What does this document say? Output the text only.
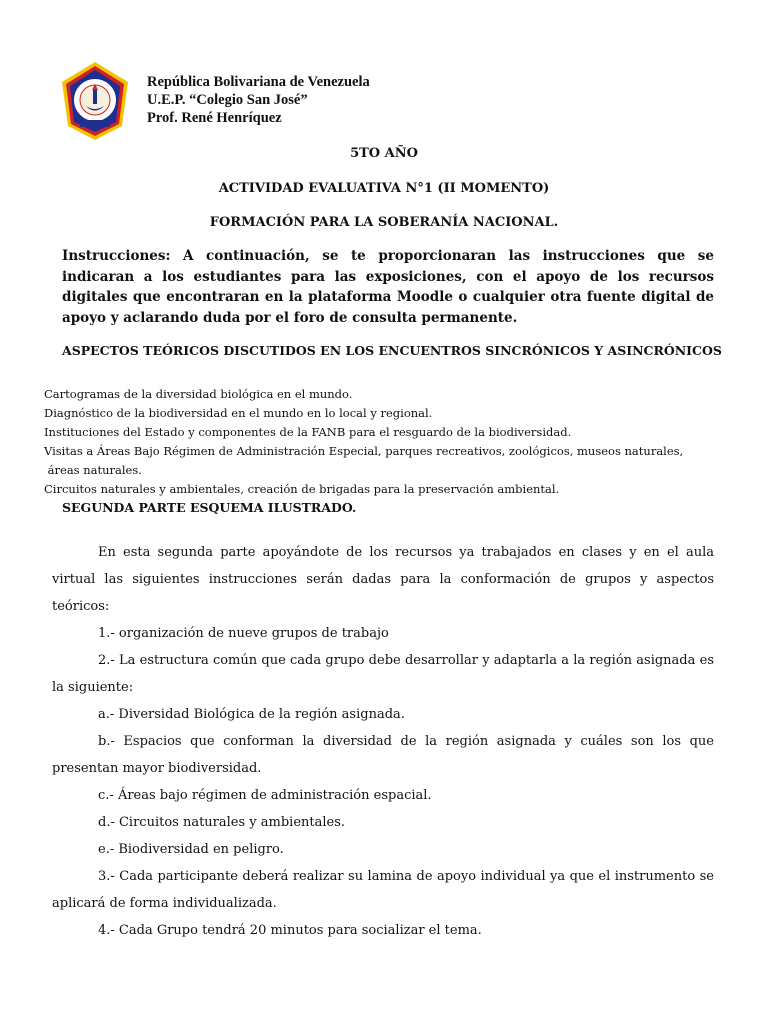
República Bolivariana de Venezuela
U.E.P. “Colegio San José”
Prof. René Henríquez
5TO AÑO
ACTIVIDAD EVALUATIVA N°1 (II MOMENTO)
FORMACIÓN PARA LA SOBERANÍA NACIONAL.
Instrucciones: A continuación, se te proporcionaran las instrucciones que se indicaran a los estudiantes para las exposiciones, con el apoyo de los recursos digitales que encontraran en la plataforma Moodle o cualquier otra fuente digital de apoyo y aclarando duda por el foro de consulta permanente.
ASPECTOS TEÓRICOS DISCUTIDOS EN LOS ENCUENTROS SINCRÓNICOS Y ASINCRÓNICOS
Cartogramas de la diversidad biológica en el mundo.
Diagnóstico de la biodiversidad en el mundo en lo local y regional.
Instituciones del Estado y componentes de la FANB para el resguardo de la biodiversidad.
Visitas a Áreas Bajo Régimen de Administración Especial, parques recreativos, zoológicos, museos naturales,
áreas naturales.
Circuitos naturales y ambientales, creación de brigadas para la preservación ambiental.
SEGUNDA PARTE ESQUEMA ILUSTRADO.

En esta segunda parte apoyándote de los recursos ya trabajados en clases y en el aula virtual las siguientes instrucciones serán dadas para la conformación de grupos y aspectos teóricos:

1.- organización de nueve grupos de trabajo

2.- La estructura común que cada grupo debe desarrollar y adaptarla a la región asignada es la siguiente:

a.- Diversidad Biológica de la región asignada.

b.- Espacios que conforman la diversidad de la región asignada y cuáles son los que presentan mayor biodiversidad.

c.- Áreas bajo régimen de administración espacial.

d.- Circuitos naturales y ambientales.

e.- Biodiversidad en peligro.

3.- Cada participante deberá realizar su lamina de apoyo individual ya que el instrumento se aplicará de forma individualizada.

4.- Cada Grupo tendrá 20 minutos para socializar el tema.
